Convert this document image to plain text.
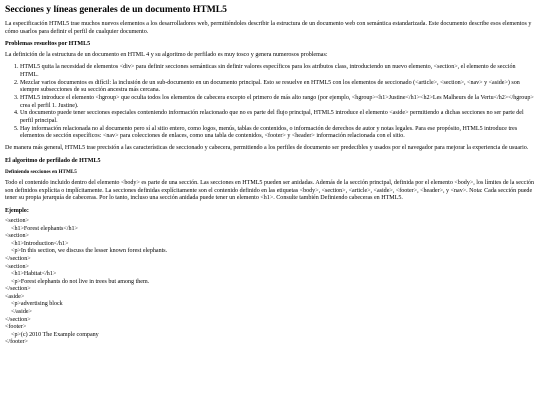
Secciones y líneas generales de un documento HTML5

La especificación HTML5 trae muchos nuevos elementos a los desarrolladores web, permitiéndoles describir la estructura de un documento web con semántica estandarizada. Este documento describe esos elementos y cómo usarlos para definir el perfil de cualquier documento.

Problemas resueltos por HTML5

La definición de la estructura de un documento en HTML 4 y su algoritmo de perfilado es muy tosco y genera numerosos problemas:

1. HTML5 quita la necesidad de elementos <div> para definir secciones semánticas sin definir valores específicos para los atributos class, introduciendo un nuevo elemento, <section>, el elemento de sección HTML.
2. Mezclar varios documentos es difícil: la inclusión de un sub-documento en un documento principal. Esto se resuelve en HTML5 con los elementos de seccionado (<article>, <section>, <nav> y <aside>) son siempre subsecciones de su sección ancestra más cercana.
3. HTML5 introduce el elemento <hgroup> que oculta todos los elementos de cabecera excepto el primero de más alto rango (por ejemplo, <hgroup><h1>Justine</h1><h2>Les Malheurs de la Vertu</h2></hgroup> crea el perfil 1. Justine).
4. Un documento puede tener secciones especiales conteniendo información relacionado que no es parte del flujo principal, HTML5 introduce el elemento <aside> permitiendo a dichas secciones no ser parte del perfil principal.
5. Hay información relacionada no al documento pero sí al sitio entero, como logos, menús, tablas de contenidos, o información de derechos de autor y notas legales. Para ese propósito, HTML5 introduce tres elementos de sección específicos: <nav> para colecciones de enlaces, como una tabla de contenidos, <footer> y <header> información relacionada con el sitio.

De manera más general, HTML5 trae precisión a las características de seccionado y cabecera, permitiendo a los perfiles de documento ser predecibles y usados por el navegador para mejorar la experiencia de usuario.

El algoritmo de perfilado de HTML5
Definiendo secciones en HTML5

Todo el contenido incluido dentro del elemento <body> es parte de una sección. Las secciones en HTML5 pueden ser anidadas. Además de la sección principal, definida por el elemento <body>, los límites de la sección son definidos explícita o implícitamente. La secciones definidas explícitamente son el contenido definido en las etiquetas <body>, <section>, <article>, <aside>, <footer>, <header>, y <nav>. Nota: Cada sección puede tener su propia jerarquía de cabeceras. Por lo tanto, incluso una sección anidada puede tener un elemento <h1>. Consulte también Definiendo cabeceras en HTML5.

Ejemplo:
<section>
<h1>Forest elephants</h1>
<section>
<h1>Introduction</h1>
<p>In this section, we discuss the lesser known forest elephants.
</section>
<section>
<h1>Habitat</h1>
<p>Forest elephants do not live in trees but among them.
</section>
<aside>
<p>advertising block
</aside>
</section>
<footer>
<p>(c) 2010 The Example company
</footer>
